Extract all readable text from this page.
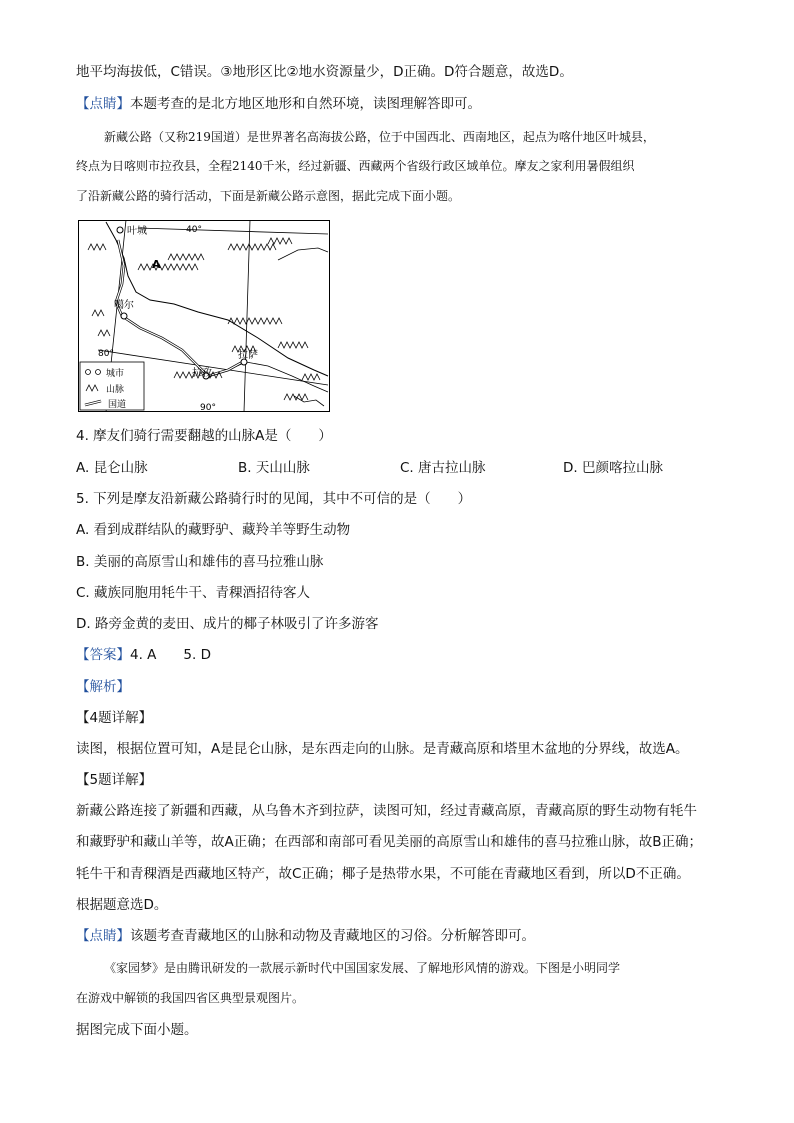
地平均海拔低，C错误。③地形区比②地水资源量少，D正确。D符合题意，故选D。
【点睛】本题考查的是北方地区地形和自然环境，读图理解答即可。
新藏公路（又称219国道）是世界著名高海拔公路，位于中国西北、西南地区，起点为喀什地区叶城县，
终点为日喀则市拉孜县，全程2140千米，经过新疆、西藏两个省级行政区域单位。摩友之家利用暑假组织
了沿新藏公路的骑行活动，下面是新藏公路示意图，据此完成下面小题。
叶城	40°
A
噶尔
80°
拉孜
拉萨
90°
城市
山脉
国道
4. 摩友们骑行需要翻越的山脉A是（　　）
A. 昆仑山脉	B. 天山山脉	C. 唐古拉山脉	D. 巴颜喀拉山脉
5. 下列是摩友沿新藏公路骑行时的见闻，其中不可信的是（　　）
A. 看到成群结队的藏野驴、藏羚羊等野生动物
B. 美丽的高原雪山和雄伟的喜马拉雅山脉
C. 藏族同胞用牦牛干、青稞酒招待客人
D. 路旁金黄的麦田、成片的椰子林吸引了许多游客
【答案】4. A　　5. D
【解析】
【4题详解】
读图，根据位置可知，A是昆仑山脉，是东西走向的山脉。是青藏高原和塔里木盆地的分界线，故选A。
【5题详解】
新藏公路连接了新疆和西藏，从乌鲁木齐到拉萨，读图可知，经过青藏高原，青藏高原的野生动物有牦牛
和藏野驴和藏山羊等，故A正确；在西部和南部可看见美丽的高原雪山和雄伟的喜马拉雅山脉，故B正确；
牦牛干和青稞酒是西藏地区特产，故C正确；椰子是热带水果，不可能在青藏地区看到，所以D不正确。
根据题意选D。
【点睛】该题考查青藏地区的山脉和动物及青藏地区的习俗。分析解答即可。
《家园梦》是由腾讯研发的一款展示新时代中国国家发展、了解地形风情的游戏。下图是小明同学
在游戏中解锁的我国四省区典型景观图片。
据图完成下面小题。
